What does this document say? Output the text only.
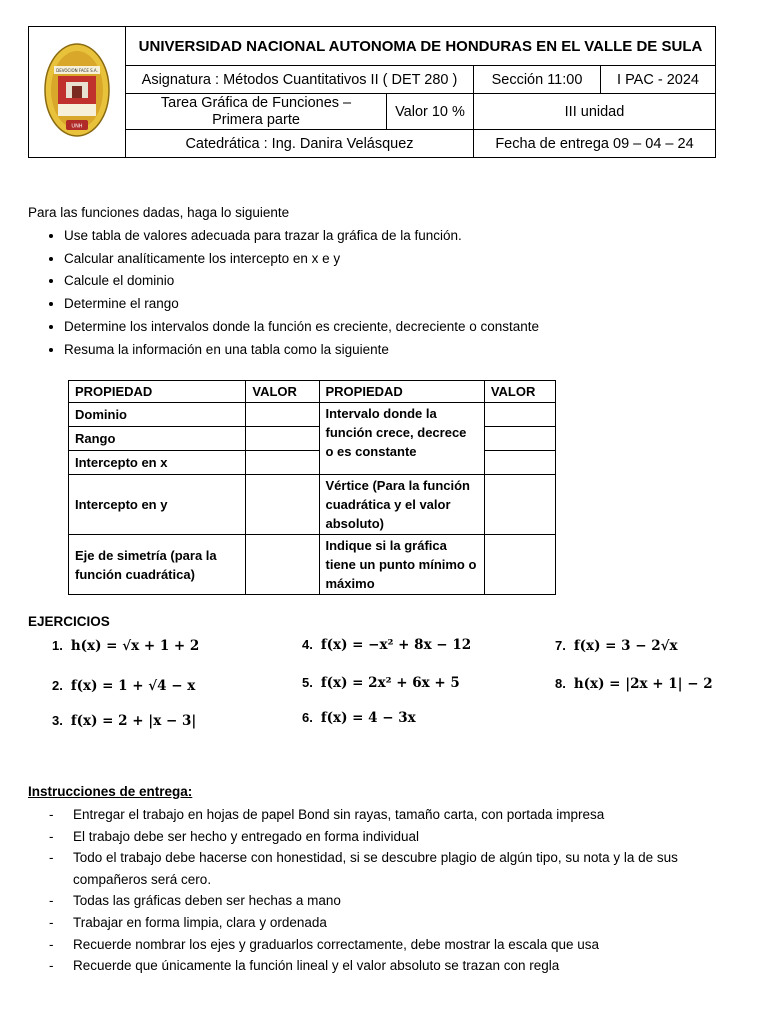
DEVOCION FACE S.A.
UNH	UNIVERSIDAD NACIONAL AUTONOMA DE HONDURAS EN EL VALLE DE SULA			
	Asignatura : Métodos Cuantitativos II ( DET 280 )		Sección 11:00	I PAC - 2024
	Tarea Gráfica de Funciones –
Primera parte	Valor 10 %	III unidad	
	Catedrática : Ing. Danira Velásquez		Fecha de entrega 09 – 04 – 24	
Para las funciones dadas, haga lo siguiente
• Use tabla de valores adecuada para trazar la gráfica de la función.
• Calcular analíticamente los intercepto en x e y
• Calcule el dominio
• Determine el rango
• Determine los intervalos donde la función es creciente, decreciente o constante
• Resuma la información en una tabla como la siguiente
PROPIEDAD	VALOR	PROPIEDAD	VALOR
Dominio		Intervalo donde la función crece, decrece o es constante	
Rango			
Intercepto en x			
Intercepto en y		Vértice (Para la función cuadrática y el valor absoluto)	
Eje de simetría (para la función cuadrática)		Indique si la gráfica tiene un punto mínimo o máximo	
EJERCICIOS
1. h(x) = √x + 1 + 2
2. f(x) = 1 + √4 − x
3. f(x) = 2 + |x − 3|
4. f(x) = −x² + 8x − 12
5. f(x) = 2x² + 6x + 5
6. f(x) = 4 − 3x
7. f(x) = 3 − 2√x
8. h(x) = |2x + 1| − 2
Instrucciones de entrega:
- Entregar el trabajo en hojas de papel Bond sin rayas, tamaño carta, con portada impresa
- El trabajo debe ser hecho y entregado en forma individual
- Todo el trabajo debe hacerse con honestidad, si se descubre plagio de algún tipo, su nota y la de sus compañeros será cero.
- Todas las gráficas deben ser hechas a mano
- Trabajar en forma limpia, clara y ordenada
- Recuerde nombrar los ejes y graduarlos correctamente, debe mostrar la escala que usa
- Recuerde que únicamente la función lineal y el valor absoluto se trazan con regla
